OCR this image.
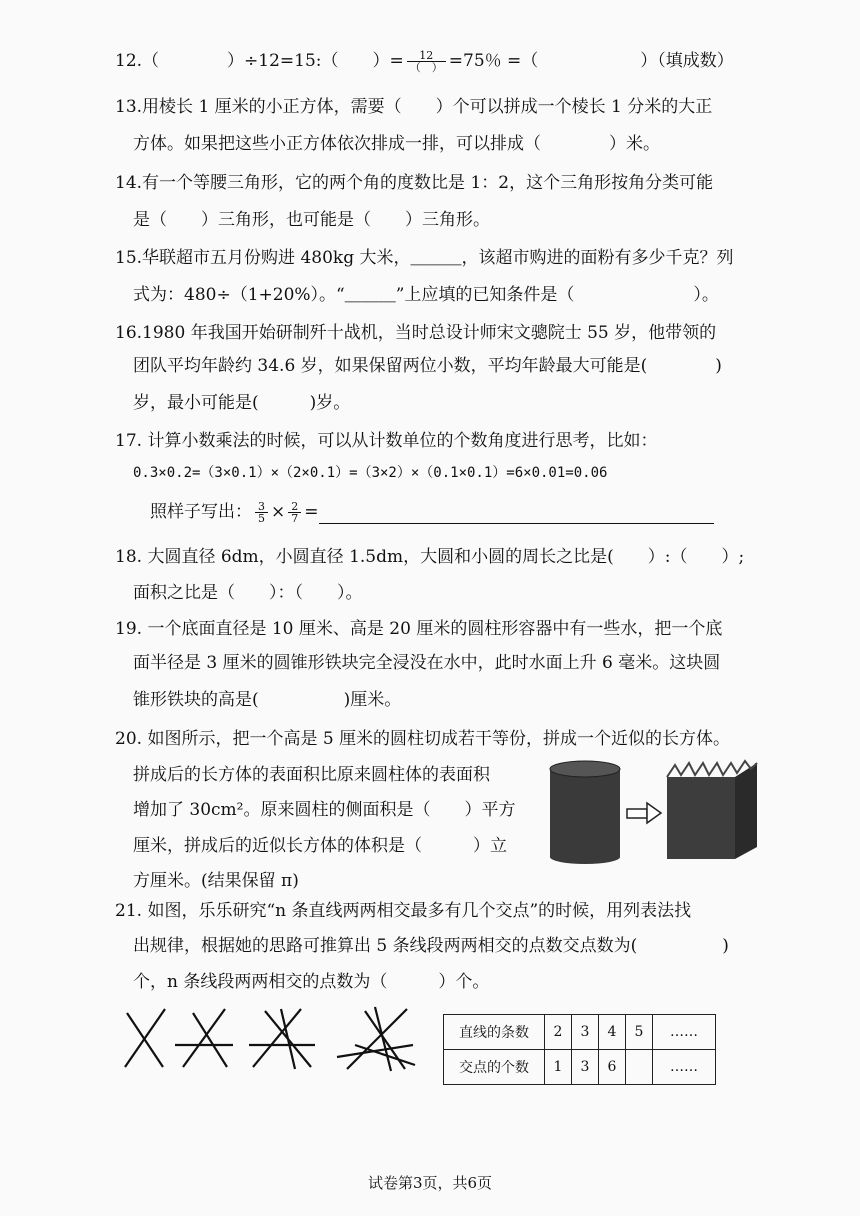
12.（　　　　）÷12=15:（　　）= $\frac{12}{( )} =75$％ =（　　　　　　）（填成数）
13.用棱长 1 厘米的小正方体，需要（　　）个可以拼成一个棱长 1 分米的大正
方体。如果把这些小正方体依次排成一排，可以排成（　　　　）米。
14.有一个等腰三角形，它的两个角的度数比是 1：2，这个三角形按角分类可能
是（　　）三角形，也可能是（　　）三角形。
15.华联超市五月份购进 480kg 大米，＿＿＿，该超市购进的面粉有多少千克？列
式为：480÷（1+20%）。“＿＿＿”上应填的已知条件是（　　　　　　　）。
16.1980 年我国开始研制歼十战机，当时总设计师宋文骢院士 55 岁，他带领的
团队平均年龄约 34.6 岁，如果保留两位小数，平均年龄最大可能是(　　　　)
岁，最小可能是(　　　)岁。
17. 计算小数乘法的时候，可以从计数单位的个数角度进行思考，比如：
0.3×0.2=（3×0.1）×（2×0.1）=（3×2）×（0.1×0.1）=6×0.01=0.06
照样子写出： $\frac{3}{5} \times \frac{2}{7}$ =
18. 大圆直径 6dm，小圆直径 1.5dm，大圆和小圆的周长之比是(　　）:（　　）;
面积之比是（　　）：（　　）。
19. 一个底面直径是 10 厘米、高是 20 厘米的圆柱形容器中有一些水，把一个底
面半径是 3 厘米的圆锥形铁块完全浸没在水中，此时水面上升 6 毫米。这块圆
锥形铁块的高是(　　　　　)厘米。
20. 如图所示，把一个高是 5 厘米的圆柱切成若干等份，拼成一个近似的长方体。
拼成后的长方体的表面积比原来圆柱体的表面积
增加了 30cm²。原来圆柱的侧面积是（　　）平方
厘米，拼成后的近似长方体的体积是（　　　）立
方厘米。(结果保留 π)
21. 如图，乐乐研究“n 条直线两两相交最多有几个交点”的时候，用列表法找
出规律，根据她的思路可推算出 5 条线段两两相交的点数交点数为(　　　　　)
个，n 条线段两两相交的点数为（　　　）个。
直线的条数	2	3	4	5	……
交点的个数	1	3	6		……
试卷第3页，共6页
